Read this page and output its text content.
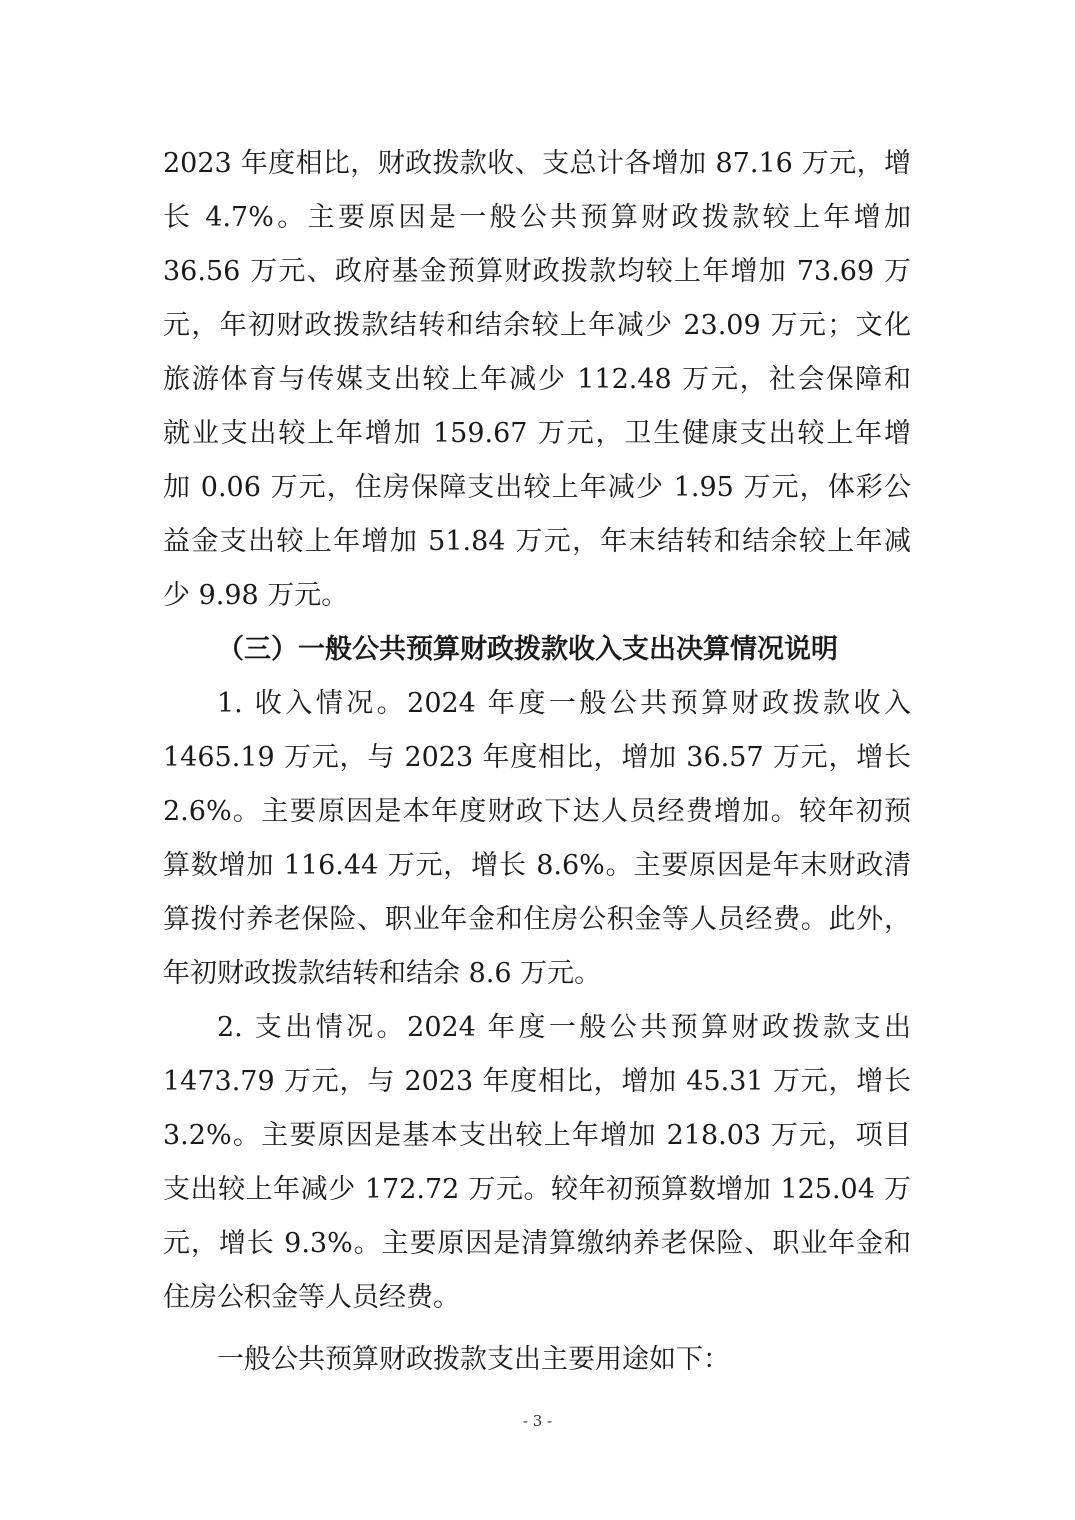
2023 年度相比，财政拨款收、支总计各增加 87.16 万元，增
长 4.7%。主要原因是一般公共预算财政拨款较上年增加
36.56 万元、政府基金预算财政拨款均较上年增加 73.69 万
元，年初财政拨款结转和结余较上年减少 23.09 万元；文化
旅游体育与传媒支出较上年减少 112.48 万元，社会保障和
就业支出较上年增加 159.67 万元，卫生健康支出较上年增
加 0.06 万元，住房保障支出较上年减少 1.95 万元，体彩公
益金支出较上年增加 51.84 万元，年末结转和结余较上年减
少 9.98 万元。
（三）一般公共预算财政拨款收入支出决算情况说明
1. 收入情况。2024 年度一般公共预算财政拨款收入
1465.19 万元，与 2023 年度相比，增加 36.57 万元，增长
2.6%。主要原因是本年度财政下达人员经费增加。较年初预
算数增加 116.44 万元，增长 8.6%。主要原因是年末财政清
算拨付养老保险、职业年金和住房公积金等人员经费。此外，
年初财政拨款结转和结余 8.6 万元。
2. 支出情况。2024 年度一般公共预算财政拨款支出
1473.79 万元，与 2023 年度相比，增加 45.31 万元，增长
3.2%。主要原因是基本支出较上年增加 218.03 万元，项目
支出较上年减少 172.72 万元。较年初预算数增加 125.04 万
元，增长 9.3%。主要原因是清算缴纳养老保险、职业年金和
住房公积金等人员经费。
一般公共预算财政拨款支出主要用途如下：
- 3 -
